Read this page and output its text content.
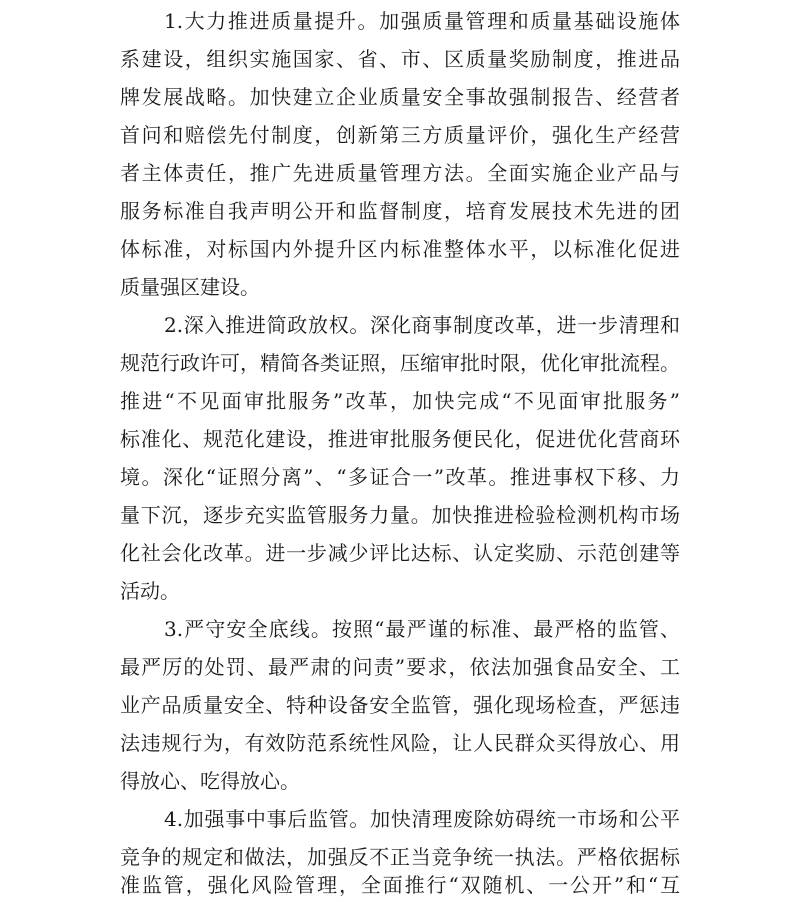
1.大力推进质量提升。加强质量管理和质量基础设施体
系建设，组织实施国家、省、市、区质量奖励制度，推进品
牌发展战略。加快建立企业质量安全事故强制报告、经营者
首问和赔偿先付制度，创新第三方质量评价，强化生产经营
者主体责任，推广先进质量管理方法。全面实施企业产品与
服务标准自我声明公开和监督制度，培育发展技术先进的团
体标准，对标国内外提升区内标准整体水平，以标准化促进
质量强区建设。
2.深入推进简政放权。深化商事制度改革，进一步清理和
规范行政许可，精简各类证照，压缩审批时限，优化审批流程。
推进“不见面审批服务”改革，加快完成“不见面审批服务”
标准化、规范化建设，推进审批服务便民化，促进优化营商环
境。深化“证照分离”、“多证合一”改革。推进事权下移、力
量下沉，逐步充实监管服务力量。加快推进检验检测机构市场
化社会化改革。进一步减少评比达标、认定奖励、示范创建等
活动。
3.严守安全底线。按照“最严谨的标准、最严格的监管、
最严厉的处罚、最严肃的问责”要求，依法加强食品安全、工
业产品质量安全、特种设备安全监管，强化现场检查，严惩违
法违规行为，有效防范系统性风险，让人民群众买得放心、用
得放心、吃得放心。
4.加强事中事后监管。加快清理废除妨碍统一市场和公平
竞争的规定和做法，加强反不正当竞争统一执法。严格依据标
准监管，强化风险管理，全面推行“双随机、一公开”和“互
